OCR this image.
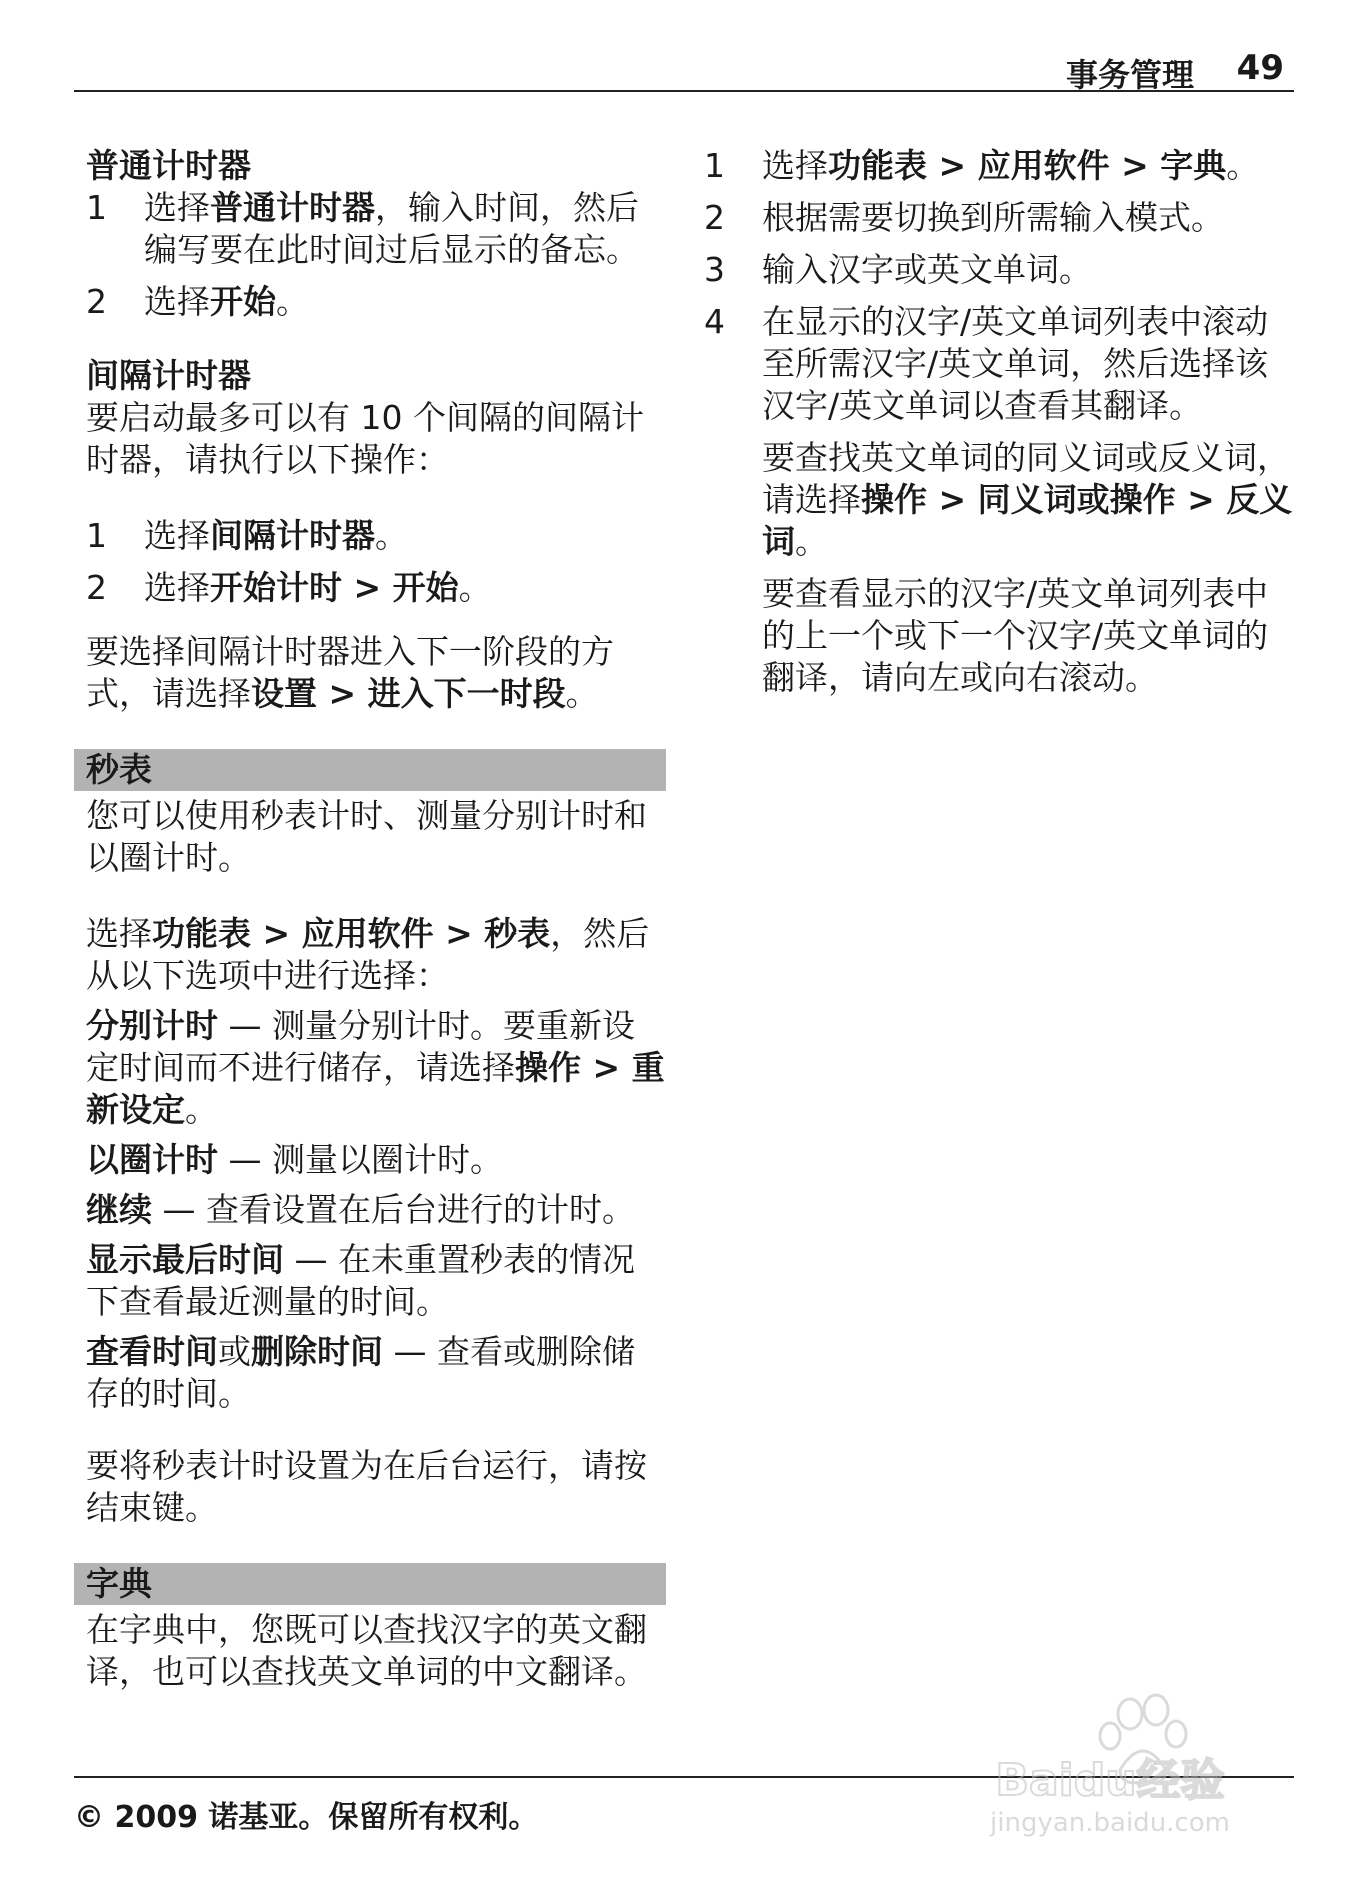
事务管理 49

普通计时器

1 选择普通计时器，输入时间，然后编写要在此时间过后显示的备忘。
2 选择开始。

间隔计时器

要启动最多可以有 10 个间隔的间隔计时器，请执行以下操作：

1 选择间隔计时器。
2 选择开始计时 > 开始。

要选择间隔计时器进入下一阶段的方式，请选择设置 > 进入下一时段。

秒表

您可以使用秒表计时、测量分别计时和以圈计时。

选择功能表 > 应用软件 > 秒表，然后从以下选项中进行选择：

分别计时 — 测量分别计时。要重新设定时间而不进行储存，请选择操作 > 重新设定。

以圈计时 — 测量以圈计时。

继续 — 查看设置在后台进行的计时。

显示最后时间 — 在未重置秒表的情况下查看最近测量的时间。

查看时间或删除时间 — 查看或删除储存的时间。

要将秒表计时设置为在后台运行，请按结束键。

字典

在字典中，您既可以查找汉字的英文翻译，也可以查找英文单词的中文翻译。

1 选择功能表 > 应用软件 > 字典。
2 根据需要切换到所需输入模式。
3 输入汉字或英文单词。
4 在显示的汉字/英文单词列表中滚动至所需汉字/英文单词，然后选择该汉字/英文单词以查看其翻译。

要查找英文单词的同义词或反义词，请选择操作 > 同义词或操作 > 反义词。

要查看显示的汉字/英文单词列表中的上一个或下一个汉字/英文单词的翻译，请向左或向右滚动。

© 2009 诺基亚。保留所有权利。
Baidu经验
jingyan.baidu.com
